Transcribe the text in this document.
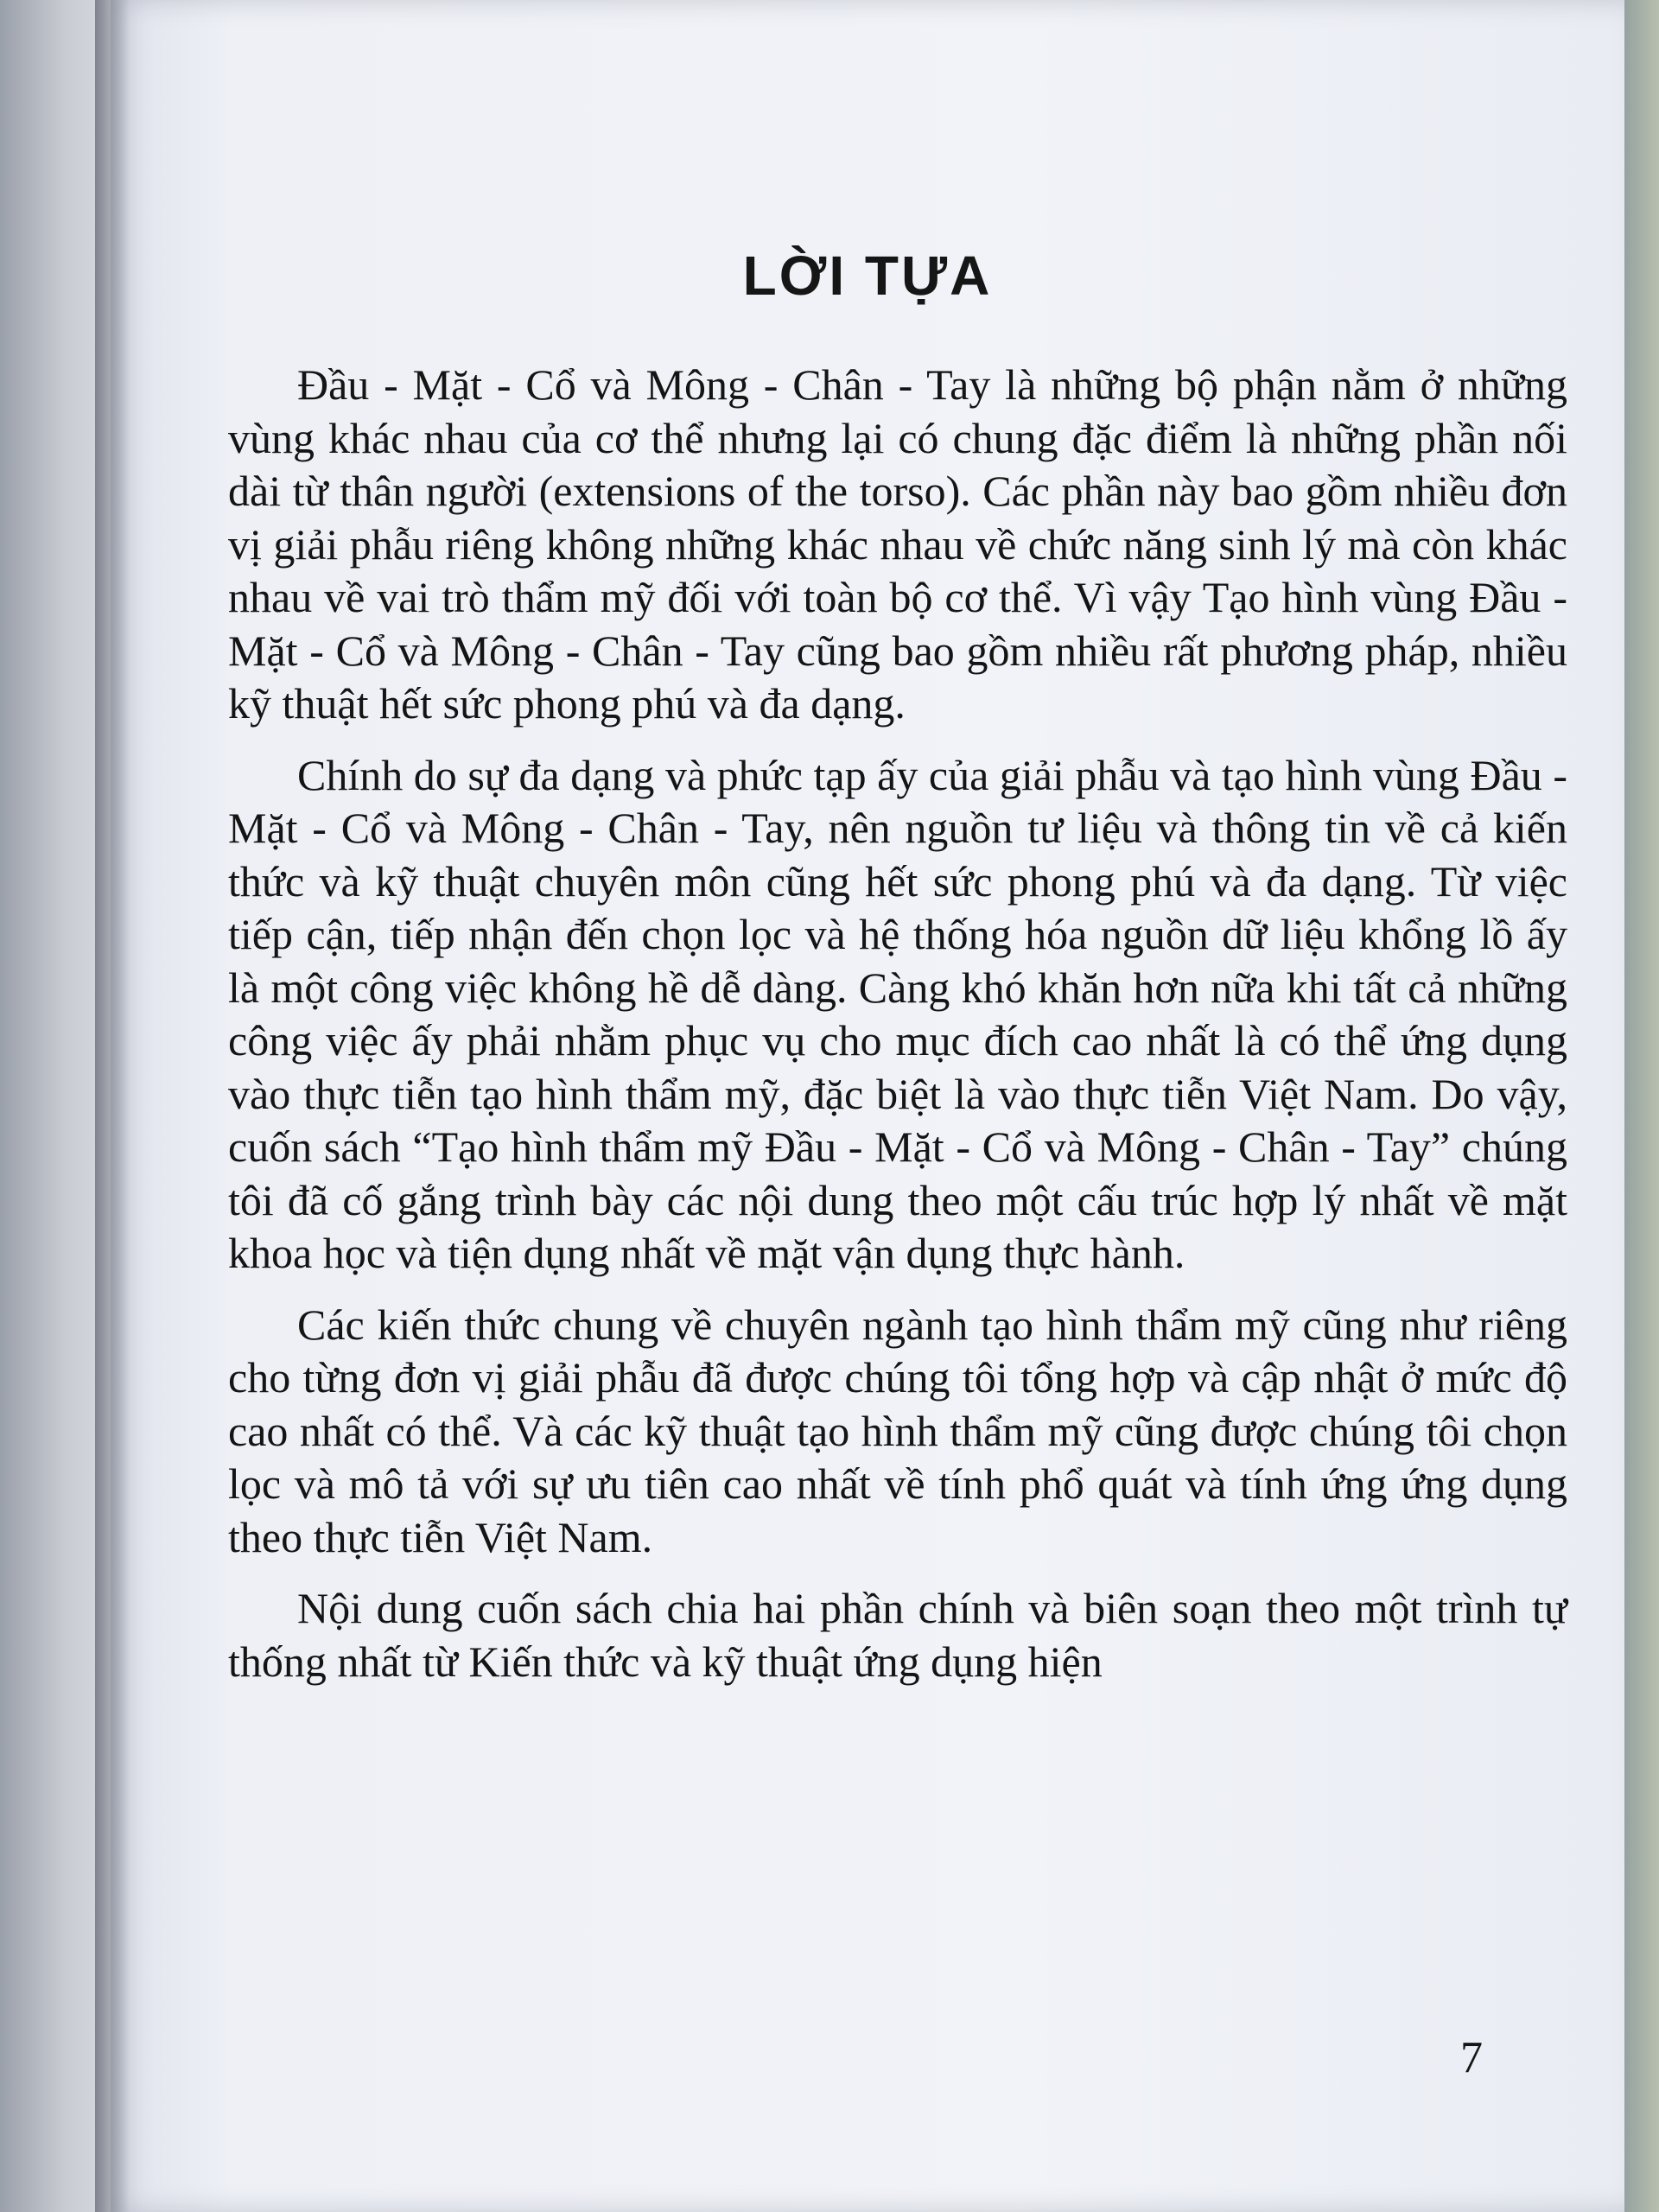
LỜI TỰA

Đầu - Mặt - Cổ và Mông - Chân - Tay là những bộ phận nằm ở những vùng khác nhau của cơ thể nhưng lại có chung đặc điểm là những phần nối dài từ thân người (extensions of the torso). Các phần này bao gồm nhiều đơn vị giải phẫu riêng không những khác nhau về chức năng sinh lý mà còn khác nhau về vai trò thẩm mỹ đối với toàn bộ cơ thể. Vì vậy Tạo hình vùng Đầu - Mặt - Cổ và Mông - Chân - Tay cũng bao gồm nhiều rất phương pháp, nhiều kỹ thuật hết sức phong phú và đa dạng.

Chính do sự đa dạng và phức tạp ấy của giải phẫu và tạo hình vùng Đầu - Mặt - Cổ và Mông - Chân - Tay, nên nguồn tư liệu và thông tin về cả kiến thức và kỹ thuật chuyên môn cũng hết sức phong phú và đa dạng. Từ việc tiếp cận, tiếp nhận đến chọn lọc và hệ thống hóa nguồn dữ liệu khổng lồ ấy là một công việc không hề dễ dàng. Càng khó khăn hơn nữa khi tất cả những công việc ấy phải nhằm phục vụ cho mục đích cao nhất là có thể ứng dụng vào thực tiễn tạo hình thẩm mỹ, đặc biệt là vào thực tiễn Việt Nam. Do vậy, cuốn sách “Tạo hình thẩm mỹ Đầu - Mặt - Cổ và Mông - Chân - Tay” chúng tôi đã cố gắng trình bày các nội dung theo một cấu trúc hợp lý nhất về mặt khoa học và tiện dụng nhất về mặt vận dụng thực hành.

Các kiến thức chung về chuyên ngành tạo hình thẩm mỹ cũng như riêng cho từng đơn vị giải phẫu đã được chúng tôi tổng hợp và cập nhật ở mức độ cao nhất có thể. Và các kỹ thuật tạo hình thẩm mỹ cũng được chúng tôi chọn lọc và mô tả với sự ưu tiên cao nhất về tính phổ quát và tính ứng ứng dụng theo thực tiễn Việt Nam.

Nội dung cuốn sách chia hai phần chính và biên soạn theo một trình tự thống nhất từ Kiến thức và kỹ thuật ứng dụng hiện

7
